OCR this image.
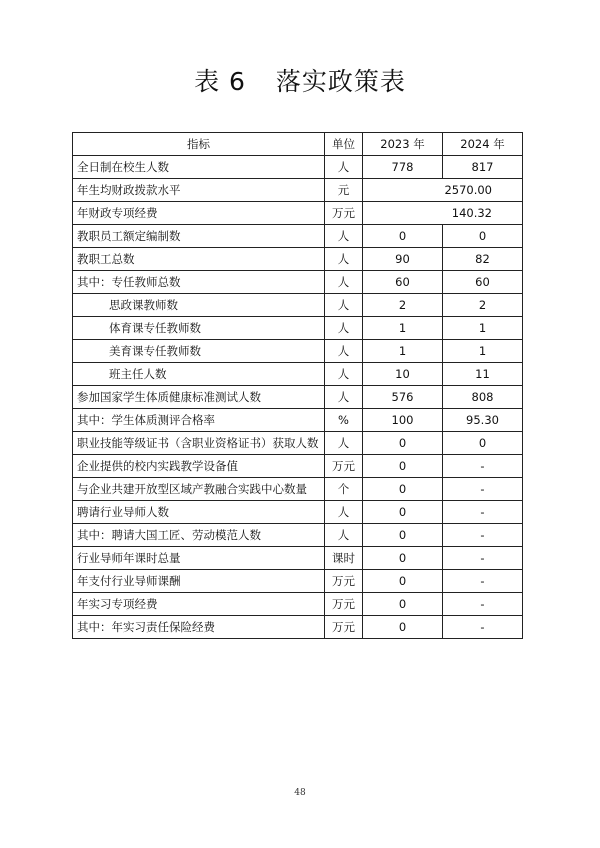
表 6 落实政策表
指标	单位	2023 年	2024 年
全日制在校生人数	人	778	817
年生均财政拨款水平	元	2570.00	
年财政专项经费	万元	140.32	
教职员工额定编制数	人	0	0
教职工总数	人	90	82
其中：专任教师总数	人	60	60
思政课教师数	人	2	2
体育课专任教师数	人	1	1
美育课专任教师数	人	1	1
班主任人数	人	10	11
参加国家学生体质健康标准测试人数	人	576	808
其中：学生体质测评合格率	%	100	95.30
职业技能等级证书（含职业资格证书）获取人数	人	0	0
企业提供的校内实践教学设备值	万元	0	-
与企业共建开放型区域产教融合实践中心数量	个	0	-
聘请行业导师人数	人	0	-
其中：聘请大国工匠、劳动模范人数	人	0	-
行业导师年课时总量	课时	0	-
年支付行业导师课酬	万元	0	-
年实习专项经费	万元	0	-
其中：年实习责任保险经费	万元	0	-
48
